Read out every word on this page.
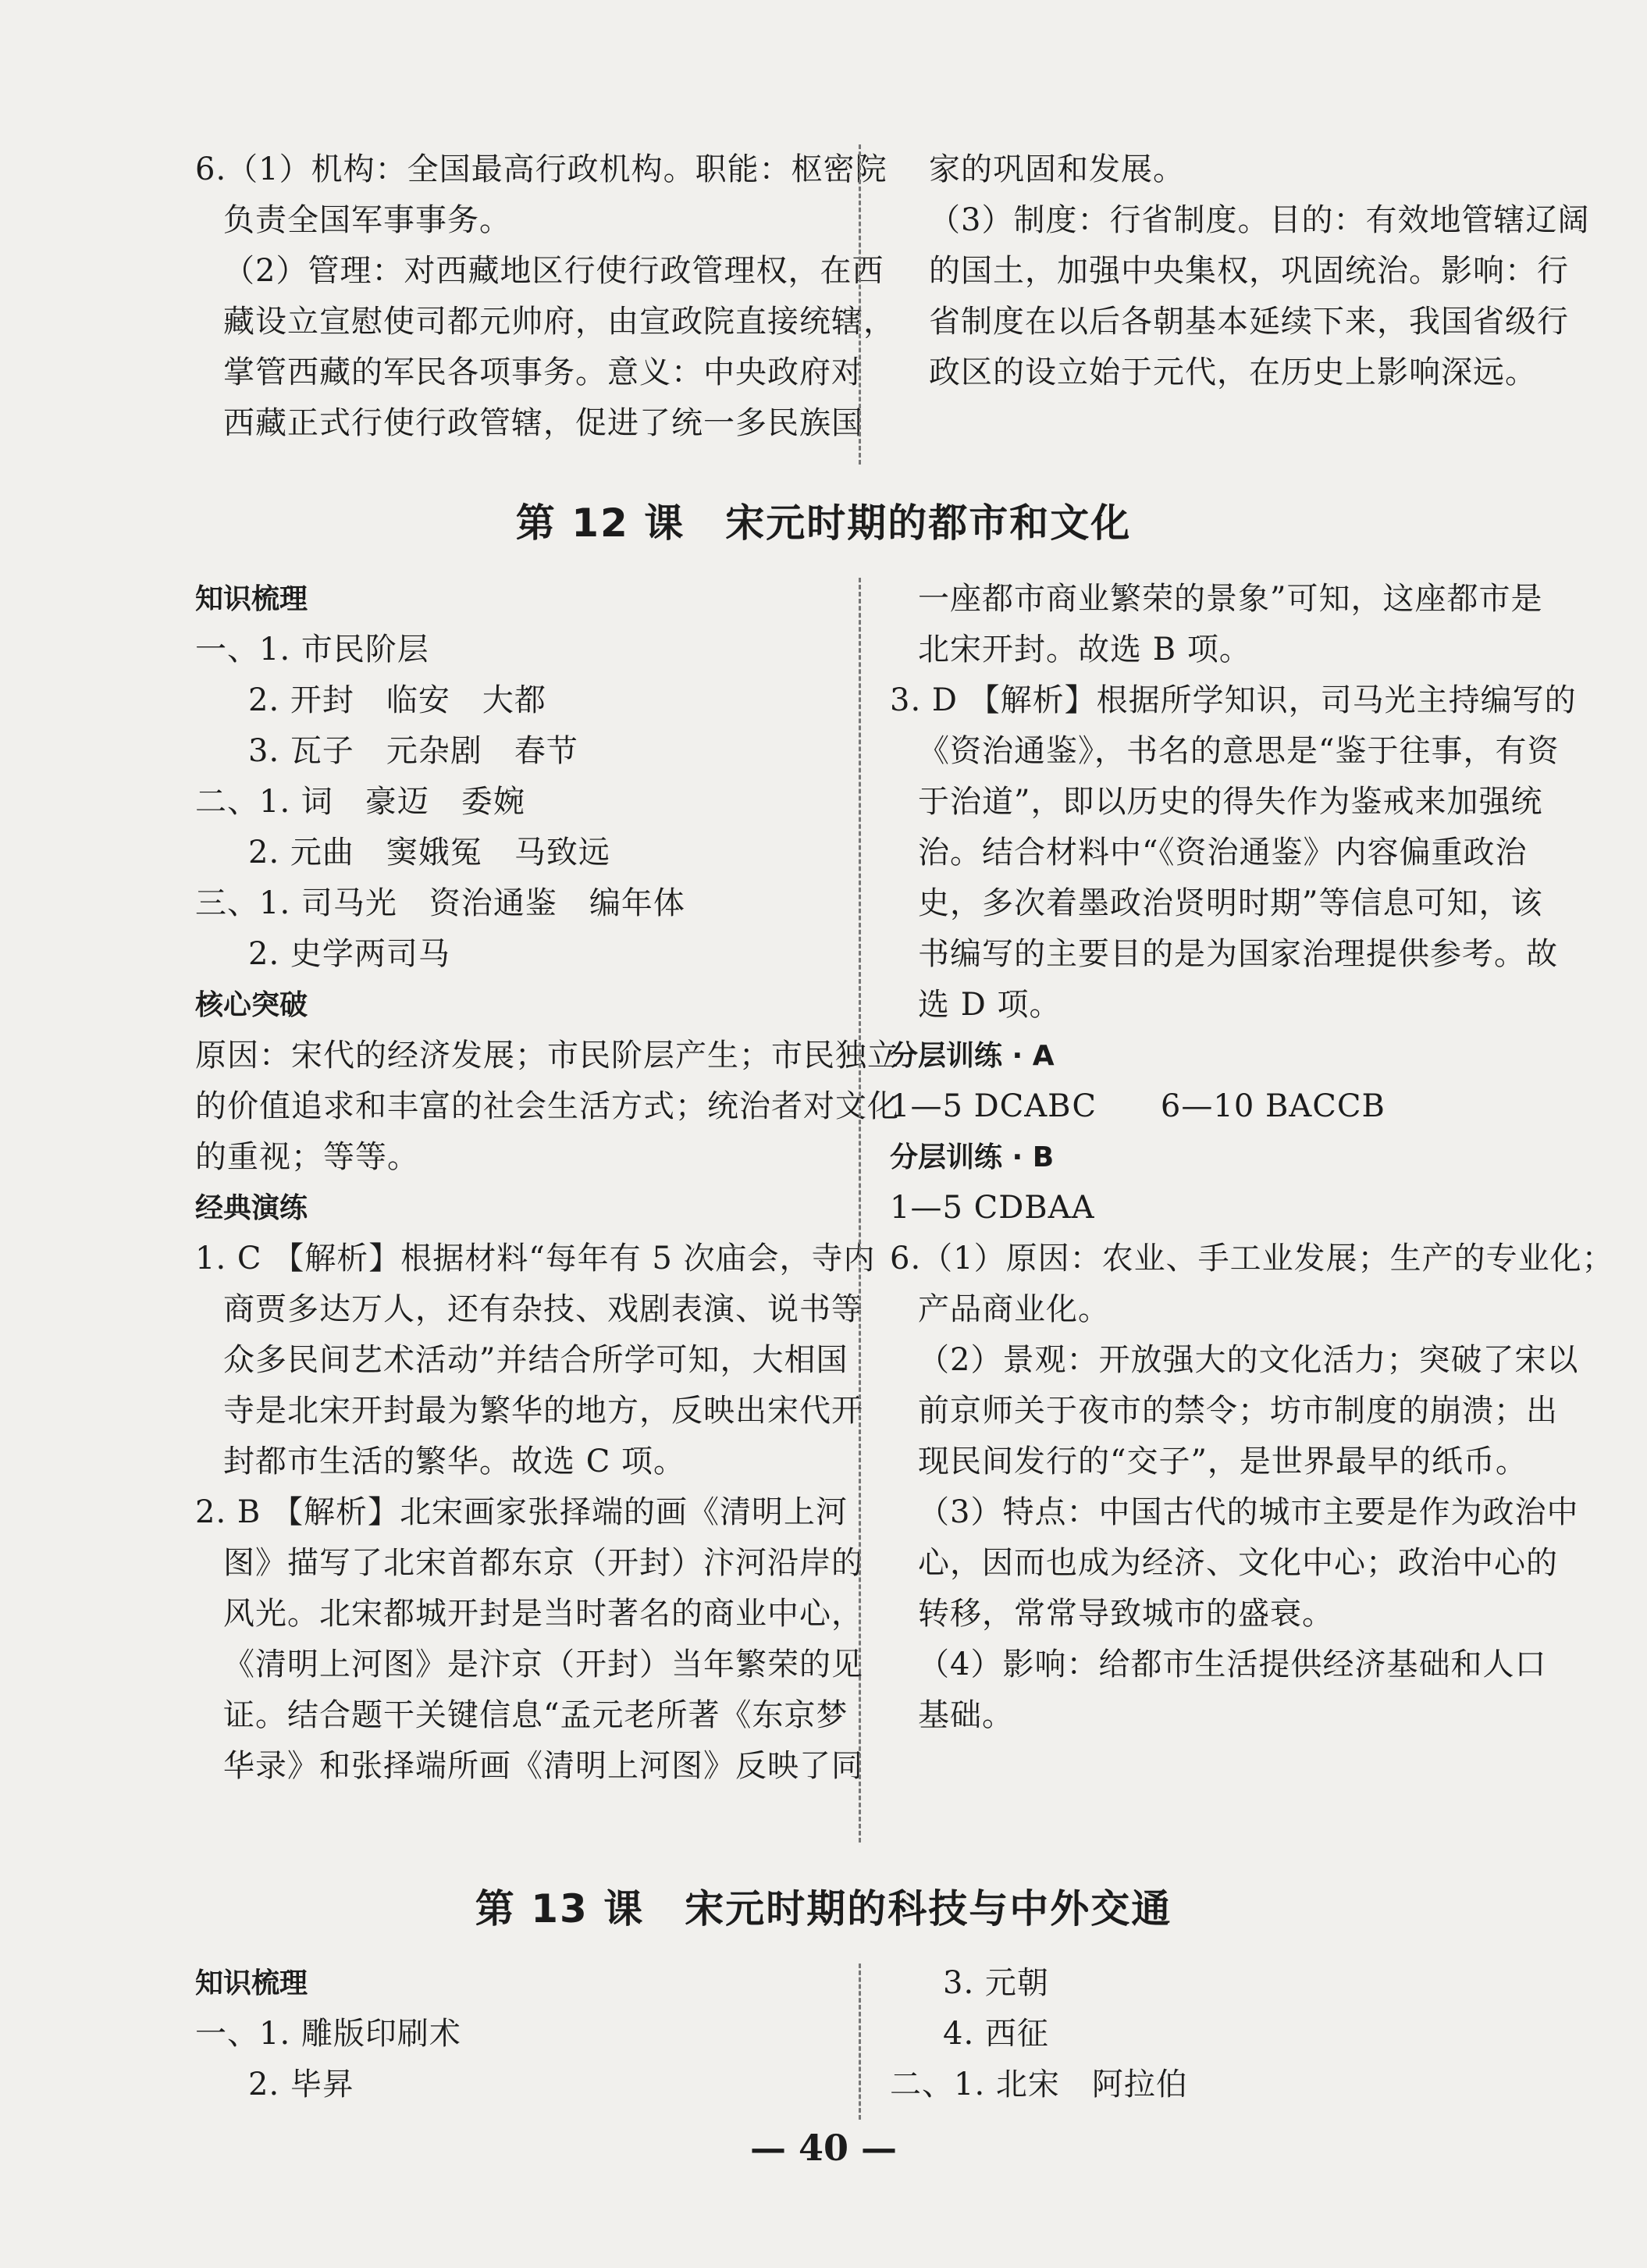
6.（1）机构：全国最高行政机构。职能：枢密院
负责全国军事事务。
（2）管理：对西藏地区行使行政管理权，在西
藏设立宣慰使司都元帅府，由宣政院直接统辖，
掌管西藏的军民各项事务。意义：中央政府对
西藏正式行使行政管辖，促进了统一多民族国
家的巩固和发展。
（3）制度：行省制度。目的：有效地管辖辽阔
的国土，加强中央集权，巩固统治。影响：行
省制度在以后各朝基本延续下来，我国省级行
政区的设立始于元代，在历史上影响深远。
第 12 课　宋元时期的都市和文化
知识梳理
一、1. 市民阶层
2. 开封　临安　大都
3. 瓦子　元杂剧　春节
二、1. 词　豪迈　委婉
2. 元曲　窦娥冤　马致远
三、1. 司马光　资治通鉴　编年体
2. 史学两司马
核心突破
原因：宋代的经济发展；市民阶层产生；市民独立
的价值追求和丰富的社会生活方式；统治者对文化
的重视；等等。
经典演练
1. C 【解析】根据材料“每年有 5 次庙会，寺内
商贾多达万人，还有杂技、戏剧表演、说书等
众多民间艺术活动”并结合所学可知，大相国
寺是北宋开封最为繁华的地方，反映出宋代开
封都市生活的繁华。故选 C 项。
2. B 【解析】北宋画家张择端的画《清明上河
图》描写了北宋首都东京（开封）汴河沿岸的
风光。北宋都城开封是当时著名的商业中心，
《清明上河图》是汴京（开封）当年繁荣的见
证。结合题干关键信息“孟元老所著《东京梦
华录》和张择端所画《清明上河图》反映了同
一座都市商业繁荣的景象”可知，这座都市是
北宋开封。故选 B 项。
3. D 【解析】根据所学知识，司马光主持编写的
《资治通鉴》，书名的意思是“鉴于往事，有资
于治道”，即以历史的得失作为鉴戒来加强统
治。结合材料中“《资治通鉴》内容偏重政治
史，多次着墨政治贤明时期”等信息可知，该
书编写的主要目的是为国家治理提供参考。故
选 D 项。
分层训练 · A
1—5 DCABC　　6—10 BACCB
分层训练 · B
1—5 CDBAA
6.（1）原因：农业、手工业发展；生产的专业化；
产品商业化。
（2）景观：开放强大的文化活力；突破了宋以
前京师关于夜市的禁令；坊市制度的崩溃；出
现民间发行的“交子”，是世界最早的纸币。
（3）特点：中国古代的城市主要是作为政治中
心，因而也成为经济、文化中心；政治中心的
转移，常常导致城市的盛衰。
（4）影响：给都市生活提供经济基础和人口
基础。
第 13 课　宋元时期的科技与中外交通
知识梳理
一、1. 雕版印刷术
2. 毕昇
3. 元朝
4. 西征
二、1. 北宋　阿拉伯
— 40 —
